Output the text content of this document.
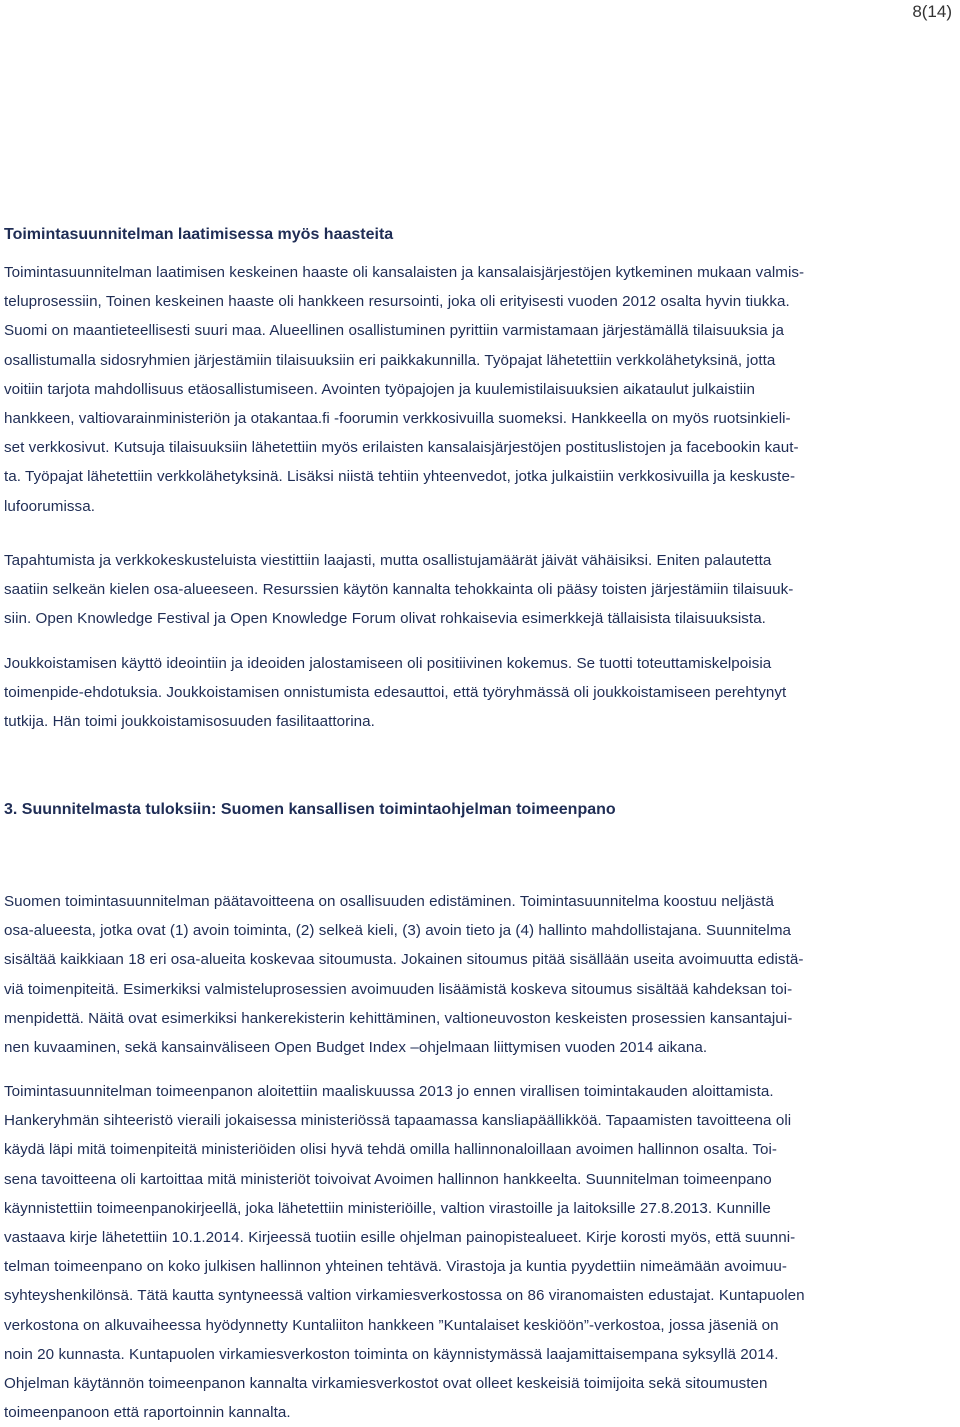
8(14)
Toimintasuunnitelman laatimisessa myös haasteita
Toimintasuunnitelman laatimisen keskeinen haaste oli kansalaisten ja kansalaisjärjestöjen kytkeminen mukaan valmis-
teluprosessiin, Toinen keskeinen haaste oli hankkeen resursointi, joka oli erityisesti vuoden 2012 osalta hyvin tiukka.
Suomi on maantieteellisesti suuri maa. Alueellinen osallistuminen pyrittiin varmistamaan järjestämällä tilaisuuksia ja
osallistumalla sidosryhmien järjestämiin tilaisuuksiin eri paikkakunnilla. Työpajat lähetettiin verkkolähetyksinä, jotta
voitiin tarjota mahdollisuus etäosallistumiseen. Avointen työpajojen ja kuulemistilaisuuksien aikataulut julkaistiin
hankkeen, valtiovarainministeriön ja otakantaa.fi -foorumin verkkosivuilla suomeksi. Hankkeella on myös ruotsinkieli-
set verkkosivut. Kutsuja tilaisuuksiin lähetettiin myös erilaisten kansalaisjärjestöjen postituslistojen ja facebookin kaut-
ta. Työpajat lähetettiin verkkolähetyksinä. Lisäksi niistä tehtiin yhteenvedot, jotka julkaistiin verkkosivuilla ja keskuste-
lufoorumissa.
Tapahtumista ja verkkokeskusteluista viestittiin laajasti, mutta osallistujamäärät jäivät vähäisiksi. Eniten palautetta
saatiin selkeän kielen osa-alueeseen. Resurssien käytön kannalta tehokkainta oli pääsy toisten järjestämiin tilaisuuk-
siin. Open Knowledge Festival ja Open Knowledge Forum olivat rohkaisevia esimerkkejä tällaisista tilaisuuksista.
Joukkoistamisen käyttö ideointiin ja ideoiden jalostamiseen oli positiivinen kokemus. Se tuotti toteuttamiskelpoisia
toimenpide-ehdotuksia. Joukkoistamisen onnistumista edesauttoi, että työryhmässä oli joukkoistamiseen perehtynyt
tutkija. Hän toimi joukkoistamisosuuden fasilitaattorina.
3. Suunnitelmasta tuloksiin: Suomen kansallisen toimintaohjelman toimeenpano
Suomen toimintasuunnitelman päätavoitteena on osallisuuden edistäminen. Toimintasuunnitelma koostuu neljästä
osa-alueesta, jotka ovat (1) avoin toiminta, (2) selkeä kieli, (3) avoin tieto ja (4) hallinto mahdollistajana. Suunnitelma
sisältää kaikkiaan 18 eri osa-alueita koskevaa sitoumusta. Jokainen sitoumus pitää sisällään useita avoimuutta edistä-
viä toimenpiteitä. Esimerkiksi valmisteluprosessien avoimuuden lisäämistä koskeva sitoumus sisältää kahdeksan toi-
menpidettä. Näitä ovat esimerkiksi hankerekisterin kehittäminen, valtioneuvoston keskeisten prosessien kansantajui-
nen kuvaaminen, sekä kansainväliseen Open Budget Index –ohjelmaan liittymisen vuoden 2014 aikana.
Toimintasuunnitelman toimeenpanon aloitettiin maaliskuussa 2013 jo ennen virallisen toimintakauden aloittamista.
Hankeryhmän sihteeristö vieraili jokaisessa ministeriössä tapaamassa kansliapäällikköä. Tapaamisten tavoitteena oli
käydä läpi mitä toimenpiteitä ministeriöiden olisi hyvä tehdä omilla hallinnonaloillaan avoimen hallinnon osalta. Toi-
sena tavoitteena oli kartoittaa mitä ministeriöt toivoivat Avoimen hallinnon hankkeelta. Suunnitelman toimeenpano
käynnistettiin toimeenpanokirjeellä, joka lähetettiin ministeriöille, valtion virastoille ja laitoksille 27.8.2013. Kunnille
vastaava kirje lähetettiin 10.1.2014. Kirjeessä tuotiin esille ohjelman painopistealueet. Kirje korosti myös, että suunni-
telman toimeenpano on koko julkisen hallinnon yhteinen tehtävä. Virastoja ja kuntia pyydettiin nimeämään avoimuu-
syhteyshenkilönsä. Tätä kautta syntyneessä valtion virkamiesverkostossa on 86 viranomaisten edustajat. Kuntapuolen
verkostona on alkuvaiheessa hyödynnetty Kuntaliiton hankkeen ”Kuntalaiset keskiöön”-verkostoa, jossa jäseniä on
noin 20 kunnasta. Kuntapuolen virkamiesverkoston toiminta on käynnistymässä laajamittaisempana syksyllä 2014.
Ohjelman käytännön toimeenpanon kannalta virkamiesverkostot ovat olleet keskeisiä toimijoita sekä sitoumusten
toimeenpanoon että raportoinnin kannalta.
